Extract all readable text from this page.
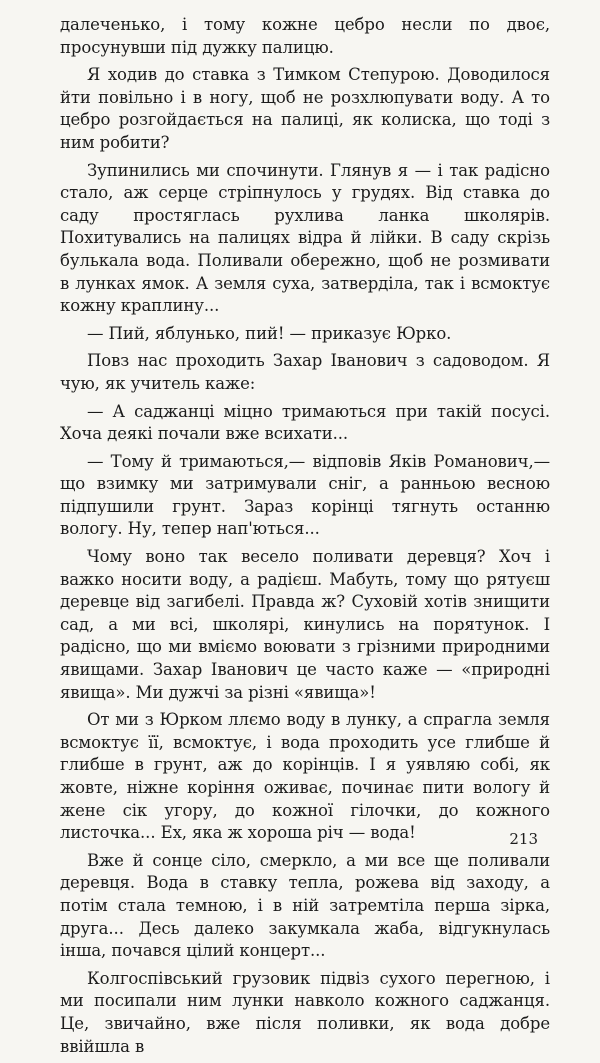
далеченько, і тому кожне цебро несли по двоє, просунувши під дужку палицю.

Я ходив до ставка з Тимком Степурою. Доводилося йти повільно і в ногу, щоб не розхлюпувати воду. А то цебро розгойдається на палиці, як колиска, що тоді з ним робити?

Зупинились ми спочинути. Глянув я — і так радісно стало, аж серце стріпнулось у грудях. Від ставка до саду простяглась рухлива ланка школярів. Похитувались на палицях відра й лійки. В саду скрізь булькала вода. Поливали обережно, щоб не розмивати в лунках ямок. А земля суха, затверділа, так і всмоктує кожну краплину...

— Пий, яблунько, пий! — приказує Юрко.

Повз нас проходить Захар Іванович з садоводом. Я чую, як учитель каже:

— А саджанці міцно тримаються при такій посусі. Хоча деякі почали вже всихати...

— Тому й тримаються,— відповів Яків Романович,— що взимку ми затримували сніг, а ранньою весною підпушили грунт. Зараз корінці тягнуть останню вологу. Ну, тепер нап'ються...

Чому воно так весело поливати деревця? Хоч і важко носити воду, а радієш. Мабуть, тому що рятуєш деревце від загибелі. Правда ж? Суховій хотів знищити сад, а ми всі, школярі, кинулись на порятунок. І радісно, що ми вміємо воювати з грізними природними явищами. Захар Іванович це часто каже — «природні явища». Ми дужчі за різні «явища»!

От ми з Юрком ллємо воду в лунку, а спрагла земля всмоктує її, всмоктує, і вода проходить усе глибше й глибше в грунт, аж до корінців. І я уявляю собі, як жовте, ніжне коріння оживає, починає пити вологу й жене сік угору, до кожної гілочки, до кожного листочка... Ех, яка ж хороша річ — вода!

Вже й сонце сіло, смеркло, а ми все ще поливали деревця. Вода в ставку тепла, рожева від заходу, а потім стала темною, і в ній затремтіла перша зірка, друга... Десь далеко закумкала жаба, відгукнулась інша, почався цілий концерт...

Колгоспівський грузовик підвіз сухого перегною, і ми посипали ним лунки навколо кожного саджанця. Це, звичайно, вже після поливки, як вода добре ввійшла в

213
